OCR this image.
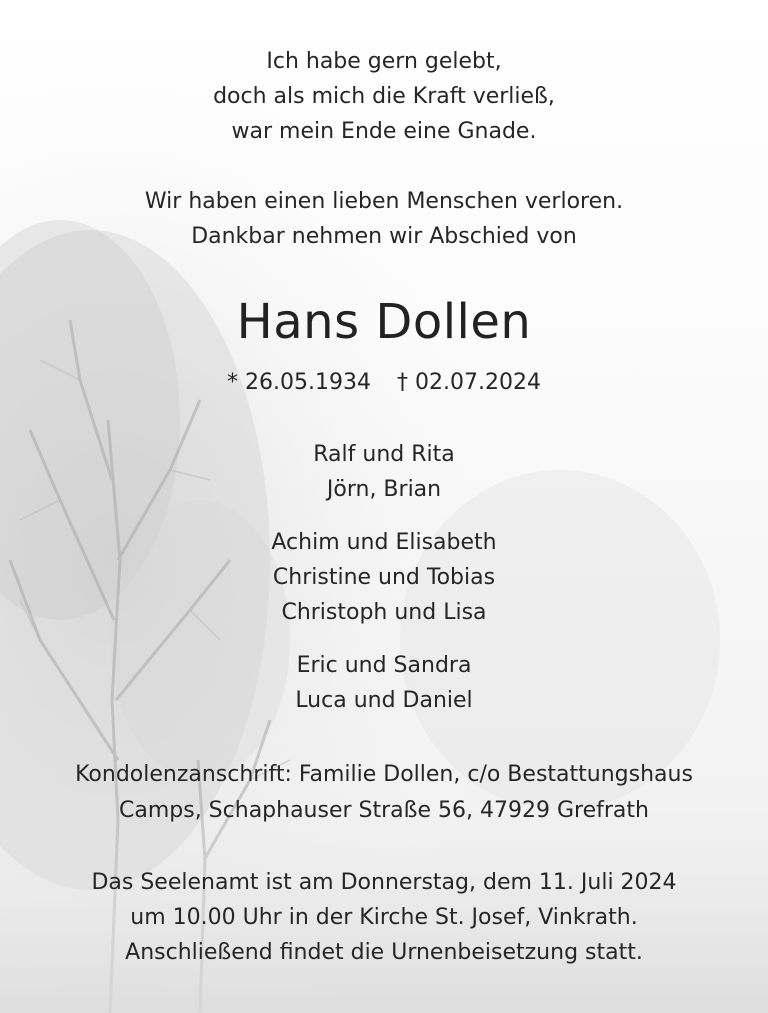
Ich habe gern gelebt,
doch als mich die Kraft verließ,
war mein Ende eine Gnade.
Wir haben einen lieben Menschen verloren.
Dankbar nehmen wir Abschied von
Hans Dollen
* 26.05.1934 † 02.07.2024
Ralf und Rita
Jörn, Brian
Achim und Elisabeth
Christine und Tobias
Christoph und Lisa
Eric und Sandra
Luca und Daniel
Kondolenzanschrift: Familie Dollen, c/o Bestattungshaus
Camps, Schaphauser Straße 56, 47929 Grefrath
Das Seelenamt ist am Donnerstag, dem 11. Juli 2024
um 10.00 Uhr in der Kirche St. Josef, Vinkrath.
Anschließend findet die Urnenbeisetzung statt.
